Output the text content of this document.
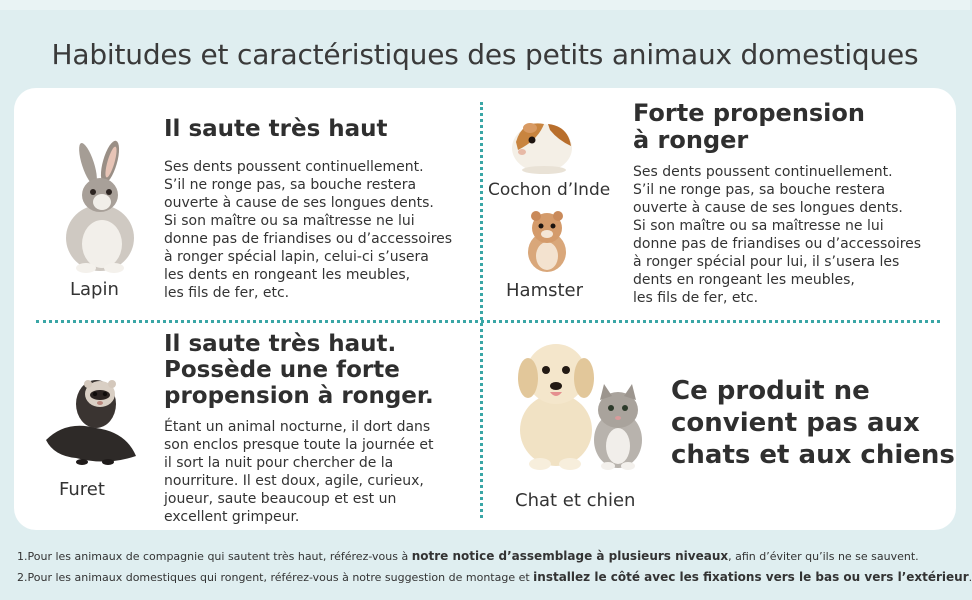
Habitudes et caractéristiques des petits animaux domestiques
Lapin
Il saute très haut
Ses dents poussent continuellement.
S’il ne ronge pas, sa bouche restera
ouverte à cause de ses longues dents.
Si son maître ou sa maîtresse ne lui
donne pas de friandises ou d’accessoires
à ronger spécial lapin, celui-ci s’usera
les dents en rongeant les meubles,
les fils de fer, etc.
Cochon d’Inde
Hamster
Forte propension
à ronger
Ses dents poussent continuellement.
S’il ne ronge pas, sa bouche restera
ouverte à cause de ses longues dents.
Si son maître ou sa maîtresse ne lui
donne pas de friandises ou d’accessoires
à ronger spécial pour lui, il s’usera les
dents en rongeant les meubles,
les fils de fer, etc.
Furet
Il saute très haut.
Possède une forte
propension à ronger.
Étant un animal nocturne, il dort dans
son enclos presque toute la journée et
il sort la nuit pour chercher de la
nourriture. Il est doux, agile, curieux,
joueur, saute beaucoup et est un
excellent grimpeur.
Chat et chien
Ce produit ne
convient pas aux
chats et aux chiens
1.Pour les animaux de compagnie qui sautent très haut, référez-vous à notre notice d’assemblage à plusieurs niveaux, afin d’éviter qu’ils ne se sauvent.
2.Pour les animaux domestiques qui rongent, référez-vous à notre suggestion de montage et installez le côté avec les fixations vers le bas ou vers l’extérieur.
